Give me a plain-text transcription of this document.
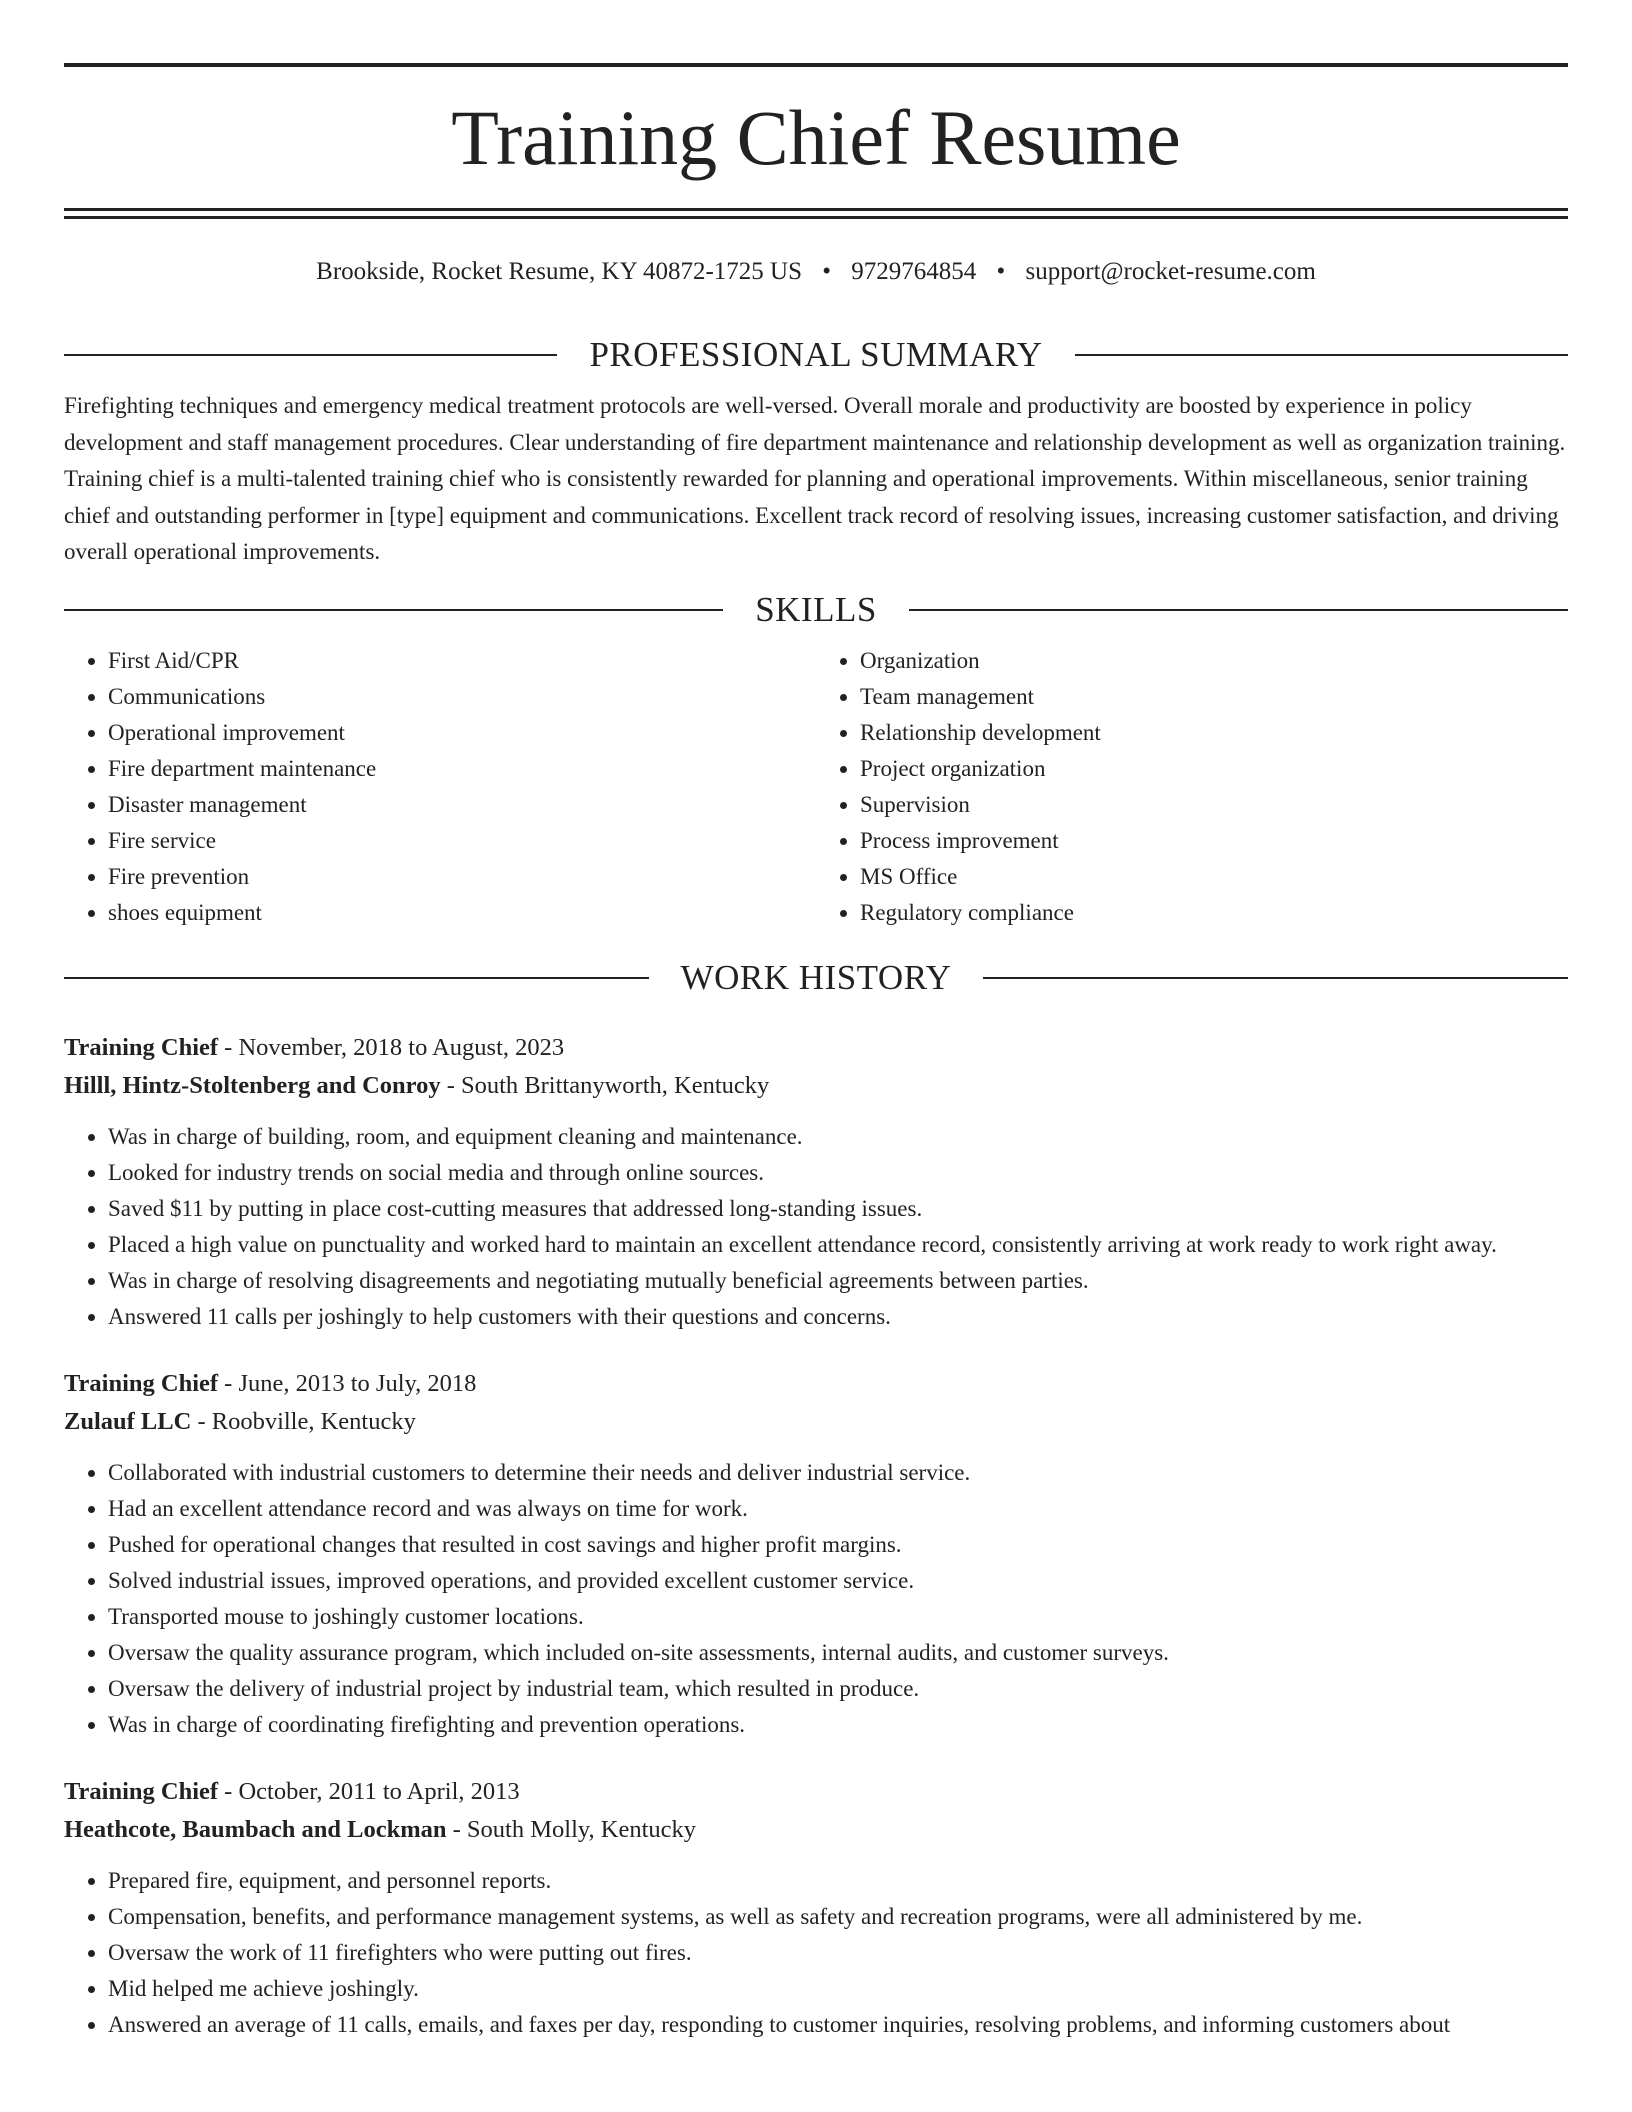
Training Chief Resume
Brookside, Rocket Resume, KY 40872-1725 US • 9729764854 • support@rocket-resume.com
PROFESSIONAL SUMMARY

Firefighting techniques and emergency medical treatment protocols are well-versed. Overall morale and productivity are boosted by experience in policy development and staff management procedures. Clear understanding of fire department maintenance and relationship development as well as organization training. Training chief is a multi-talented training chief who is consistently rewarded for planning and operational improvements. Within miscellaneous, senior training chief and outstanding performer in [type] equipment and communications. Excellent track record of resolving issues, increasing customer satisfaction, and driving overall operational improvements.

SKILLS
• First Aid/CPR
• Communications
• Operational improvement
• Fire department maintenance
• Disaster management
• Fire service
• Fire prevention
• shoes equipment
• Organization
• Team management
• Relationship development
• Project organization
• Supervision
• Process improvement
• MS Office
• Regulatory compliance
WORK HISTORY
Training Chief - November, 2018 to August, 2023
Hilll, Hintz-Stoltenberg and Conroy - South Brittanyworth, Kentucky
• Was in charge of building, room, and equipment cleaning and maintenance.
• Looked for industry trends on social media and through online sources.
• Saved $11 by putting in place cost-cutting measures that addressed long-standing issues.
• Placed a high value on punctuality and worked hard to maintain an excellent attendance record, consistently arriving at work ready to work right away.
• Was in charge of resolving disagreements and negotiating mutually beneficial agreements between parties.
• Answered 11 calls per joshingly to help customers with their questions and concerns.
Training Chief - June, 2013 to July, 2018
Zulauf LLC - Roobville, Kentucky
• Collaborated with industrial customers to determine their needs and deliver industrial service.
• Had an excellent attendance record and was always on time for work.
• Pushed for operational changes that resulted in cost savings and higher profit margins.
• Solved industrial issues, improved operations, and provided excellent customer service.
• Transported mouse to joshingly customer locations.
• Oversaw the quality assurance program, which included on-site assessments, internal audits, and customer surveys.
• Oversaw the delivery of industrial project by industrial team, which resulted in produce.
• Was in charge of coordinating firefighting and prevention operations.
Training Chief - October, 2011 to April, 2013
Heathcote, Baumbach and Lockman - South Molly, Kentucky
• Prepared fire, equipment, and personnel reports.
• Compensation, benefits, and performance management systems, as well as safety and recreation programs, were all administered by me.
• Oversaw the work of 11 firefighters who were putting out fires.
• Mid helped me achieve joshingly.
• Answered an average of 11 calls, emails, and faxes per day, responding to customer inquiries, resolving problems, and informing customers about
